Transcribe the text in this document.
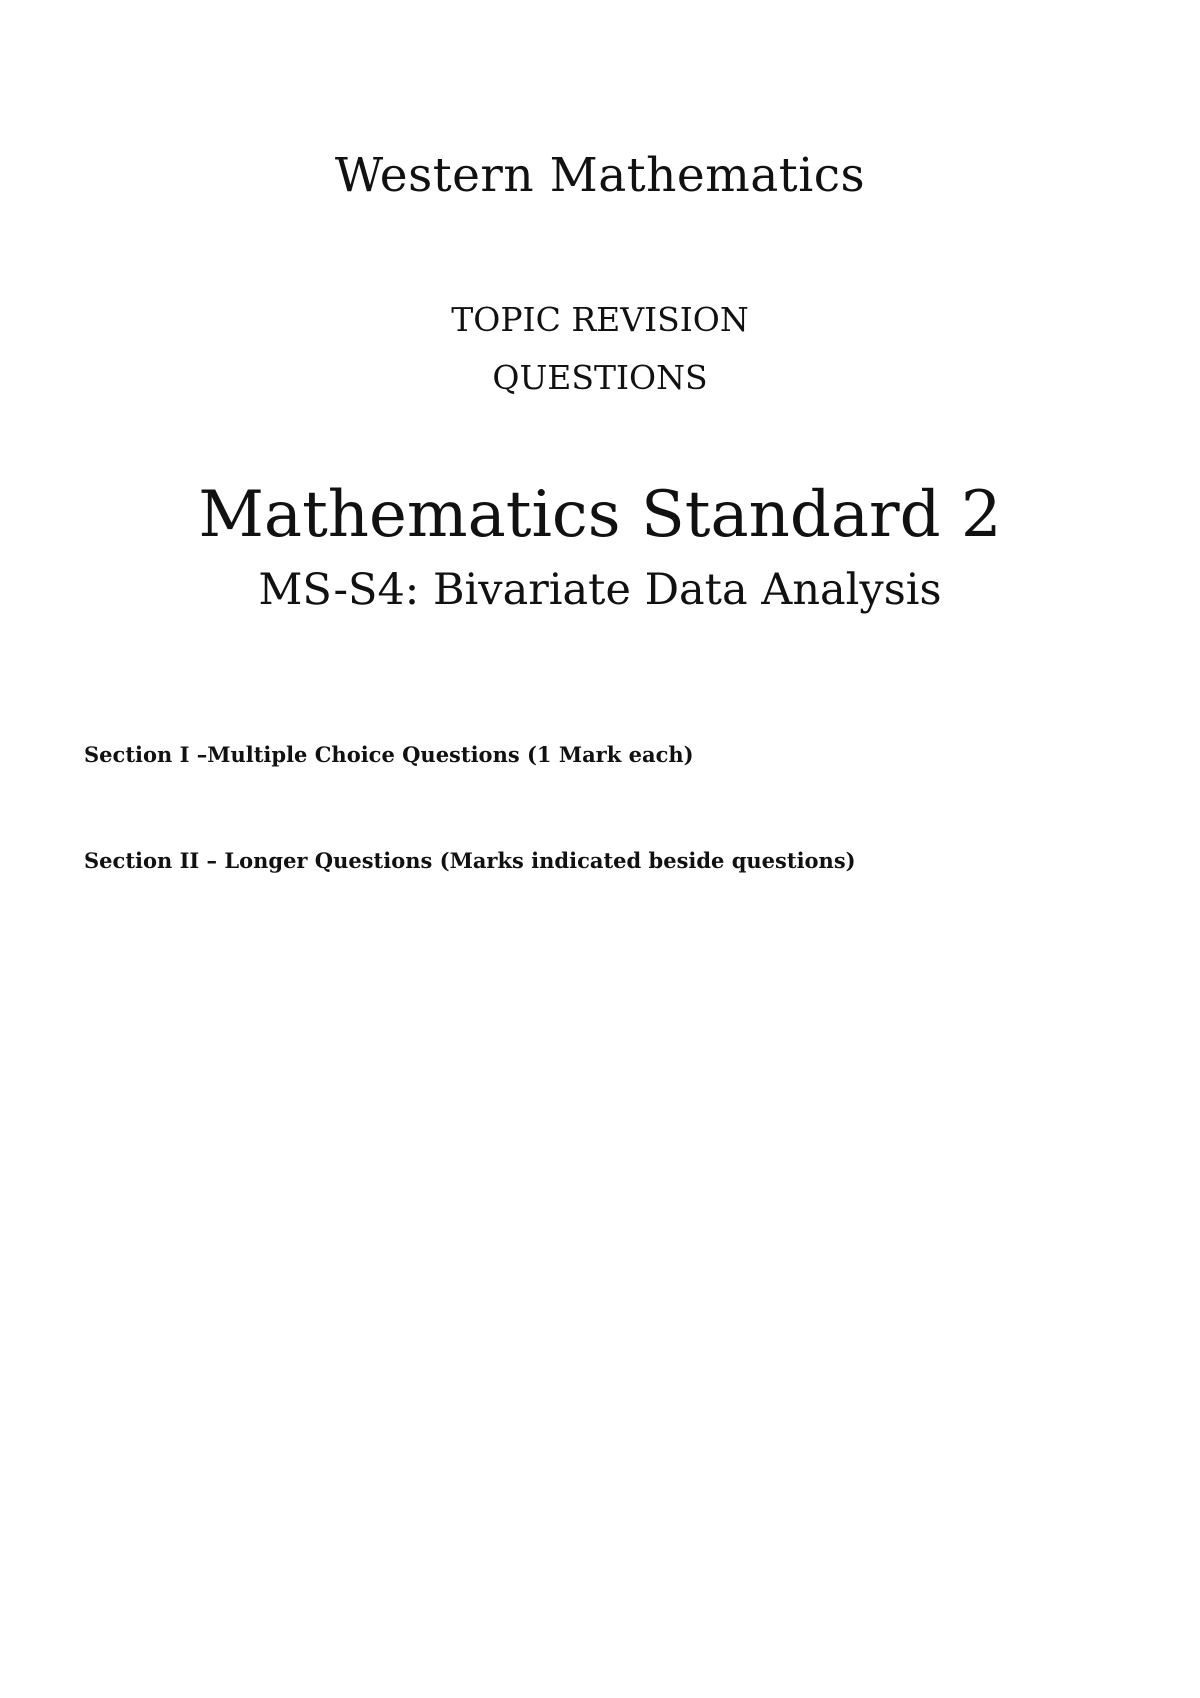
Western Mathematics
TOPIC REVISION
QUESTIONS
Mathematics Standard 2
MS-S4: Bivariate Data Analysis
Section I –Multiple Choice Questions (1 Mark each)
Section II – Longer Questions (Marks indicated beside questions)
